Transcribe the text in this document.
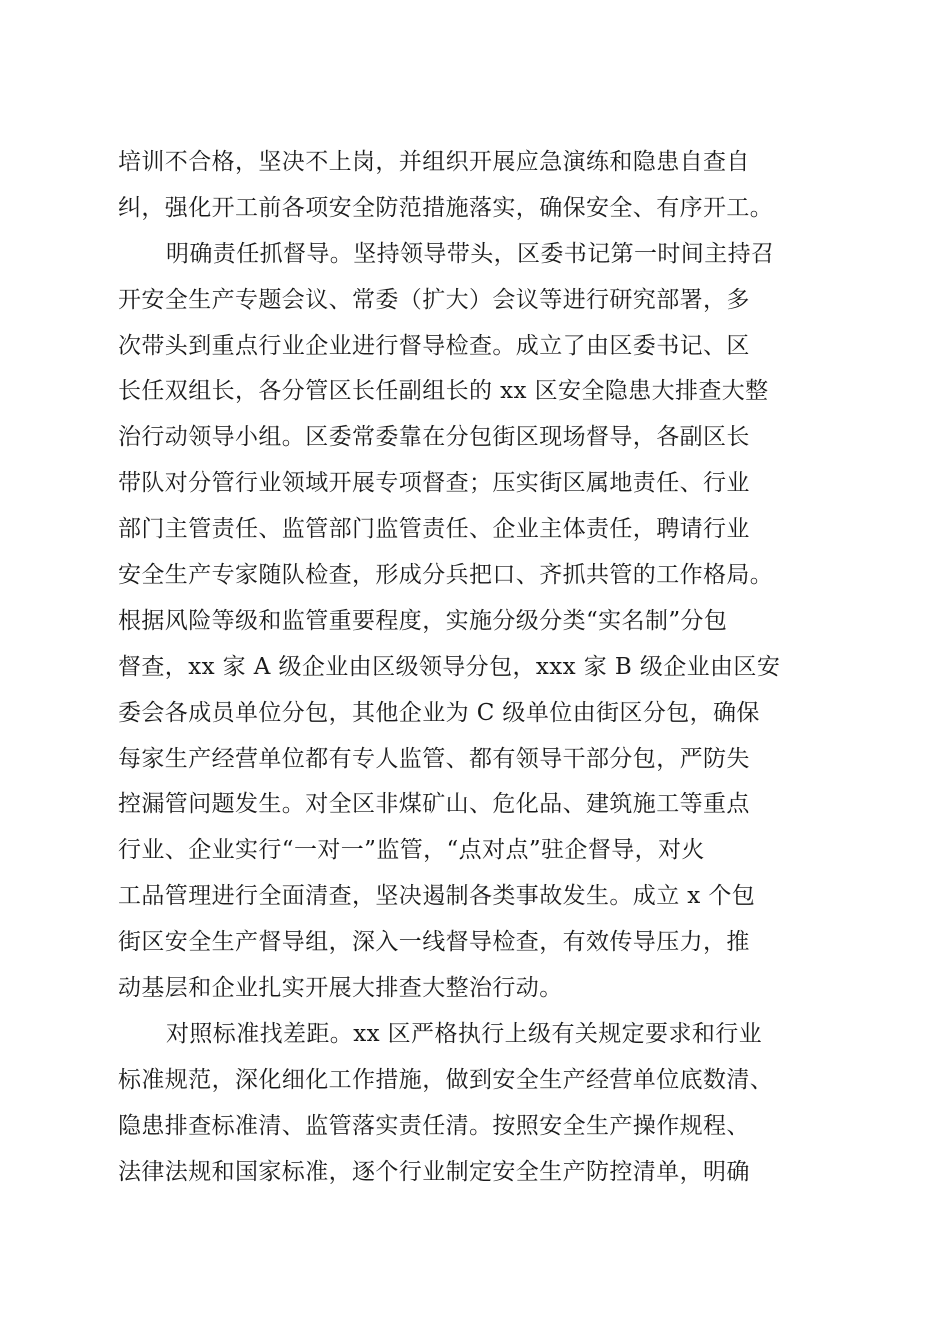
培训不合格，坚决不上岗，并组织开展应急演练和隐患自查自
纠，强化开工前各项安全防范措施落实，确保安全、有序开工。
明确责任抓督导。坚持领导带头，区委书记第一时间主持召
开安全生产专题会议、常委（扩大）会议等进行研究部署，多
次带头到重点行业企业进行督导检查。成立了由区委书记、区
长任双组长，各分管区长任副组长的 xx 区安全隐患大排查大整
治行动领导小组。区委常委靠在分包街区现场督导，各副区长
带队对分管行业领域开展专项督查；压实街区属地责任、行业
部门主管责任、监管部门监管责任、企业主体责任，聘请行业
安全生产专家随队检查，形成分兵把口、齐抓共管的工作格局。
根据风险等级和监管重要程度，实施分级分类“实名制”分包
督查，xx 家 A 级企业由区级领导分包，xxx 家 B 级企业由区安
委会各成员单位分包，其他企业为 C 级单位由街区分包，确保
每家生产经营单位都有专人监管、都有领导干部分包，严防失
控漏管问题发生。对全区非煤矿山、危化品、建筑施工等重点
行业、企业实行“一对一”监管，“点对点”驻企督导，对火
工品管理进行全面清查，坚决遏制各类事故发生。成立 x 个包
街区安全生产督导组，深入一线督导检查，有效传导压力，推
动基层和企业扎实开展大排查大整治行动。
对照标准找差距。xx 区严格执行上级有关规定要求和行业
标准规范，深化细化工作措施，做到安全生产经营单位底数清、
隐患排查标准清、监管落实责任清。按照安全生产操作规程、
法律法规和国家标准，逐个行业制定安全生产防控清单，明确
